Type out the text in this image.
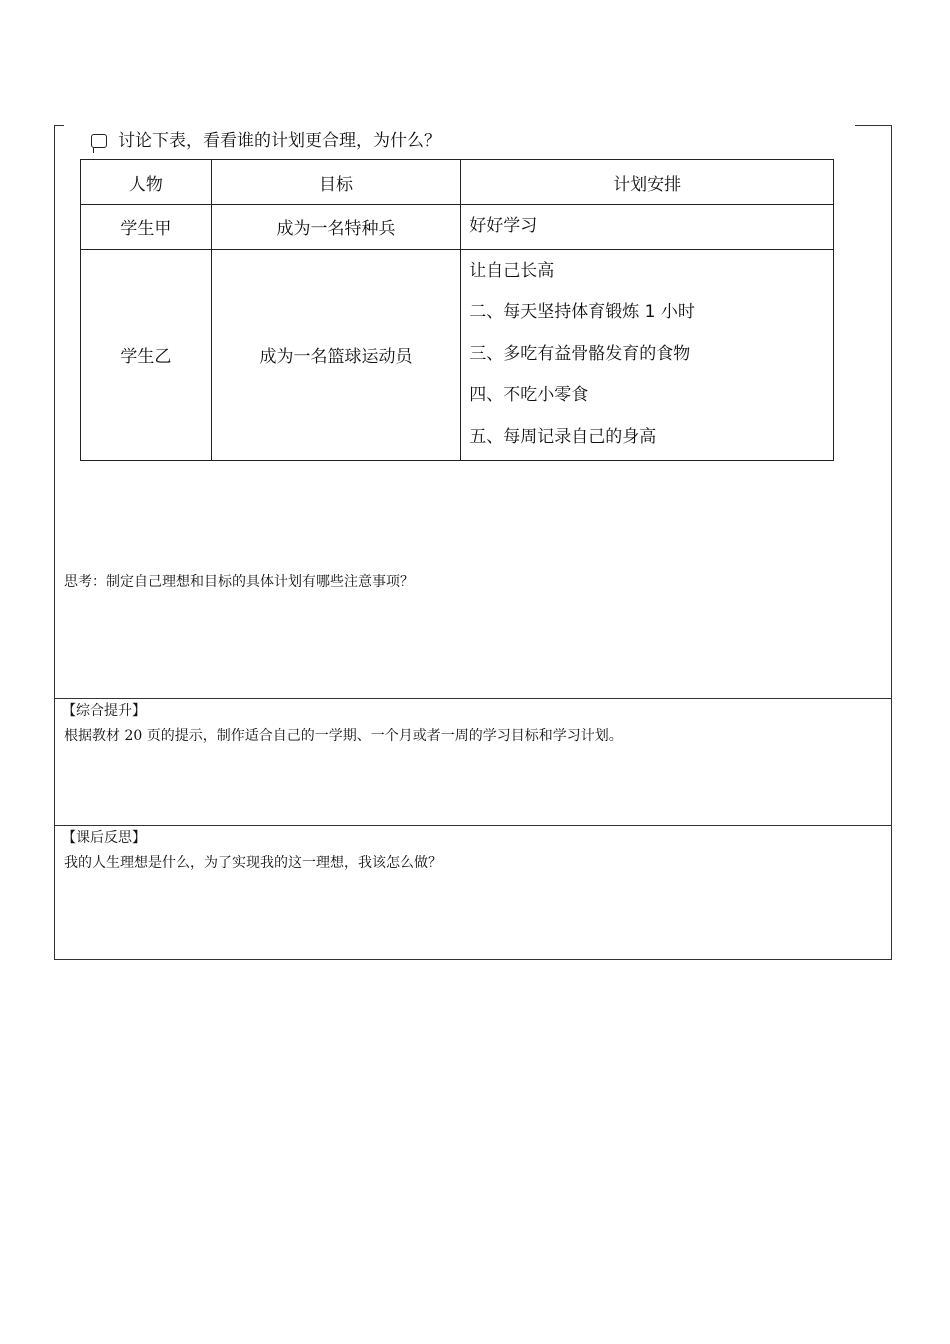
讨论下表，看看谁的计划更合理，为什么？
人物	目标	计划安排
学生甲	成为一名特种兵	好好学习

学生乙	成为一名篮球运动员	让自己长高
二、每天坚持体育锻炼 1 小时
三、多吃有益骨骼发育的食物
四、不吃小零食
五、每周记录自己的身高
思考：制定自己理想和目标的具体计划有哪些注意事项？
【综合提升】
根据教材 20 页的提示，制作适合自己的一学期、一个月或者一周的学习目标和学习计划。
【课后反思】
我的人生理想是什么，为了实现我的这一理想，我该怎么做？
